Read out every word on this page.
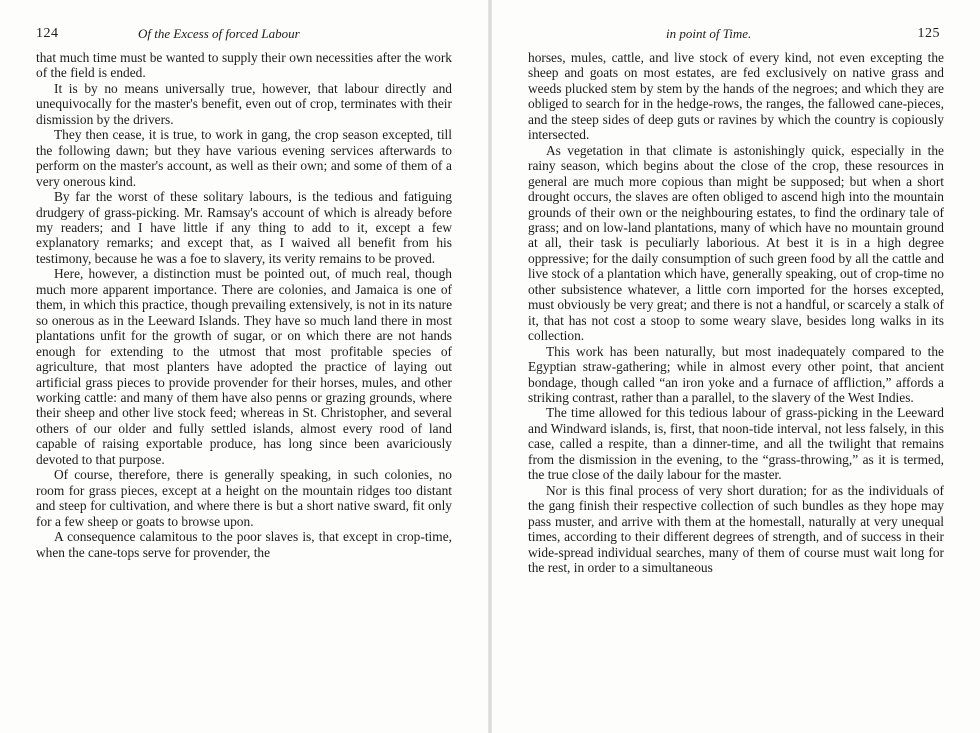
124	Of the Excess of forced Labour

that much time must be wanted to supply their own necessities after the work of the field is ended.

It is by no means universally true, however, that labour directly and unequivocally for the master's benefit, even out of crop, terminates with their dismission by the drivers.

They then cease, it is true, to work in gang, the crop season excepted, till the following dawn; but they have various evening services afterwards to perform on the master's account, as well as their own; and some of them of a very onerous kind.

By far the worst of these solitary labours, is the tedious and fatiguing drudgery of grass-picking. Mr. Ramsay's account of which is already before my readers; and I have little if any thing to add to it, except a few explanatory remarks; and except that, as I waived all benefit from his testimony, because he was a foe to slavery, its verity remains to be proved.

Here, however, a distinction must be pointed out, of much real, though much more apparent importance. There are colonies, and Jamaica is one of them, in which this practice, though prevailing extensively, is not in its nature so onerous as in the Leeward Islands. They have so much land there in most plantations unfit for the growth of sugar, or on which there are not hands enough for extending to the utmost that most profitable species of agriculture, that most planters have adopted the practice of laying out artificial grass pieces to provide provender for their horses, mules, and other working cattle: and many of them have also penns or grazing grounds, where their sheep and other live stock feed; whereas in St. Christopher, and several others of our older and fully settled islands, almost every rood of land capable of raising exportable produce, has long since been avariciously devoted to that purpose.

Of course, therefore, there is generally speaking, in such colonies, no room for grass pieces, except at a height on the mountain ridges too distant and steep for cultivation, and where there is but a short native sward, fit only for a few sheep or goats to browse upon.

A consequence calamitous to the poor slaves is, that except in crop-time, when the cane-tops serve for provender, the

in point of Time.	125

horses, mules, cattle, and live stock of every kind, not even excepting the sheep and goats on most estates, are fed exclusively on native grass and weeds plucked stem by stem by the hands of the negroes; and which they are obliged to search for in the hedge-rows, the ranges, the fallowed cane-pieces, and the steep sides of deep guts or ravines by which the country is copiously intersected.

As vegetation in that climate is astonishingly quick, especially in the rainy season, which begins about the close of the crop, these resources in general are much more copious than might be supposed; but when a short drought occurs, the slaves are often obliged to ascend high into the mountain grounds of their own or the neighbouring estates, to find the ordinary tale of grass; and on low-land plantations, many of which have no mountain ground at all, their task is peculiarly laborious. At best it is in a high degree oppressive; for the daily consumption of such green food by all the cattle and live stock of a plantation which have, generally speaking, out of crop-time no other subsistence whatever, a little corn imported for the horses excepted, must obviously be very great; and there is not a handful, or scarcely a stalk of it, that has not cost a stoop to some weary slave, besides long walks in its collection.

This work has been naturally, but most inadequately compared to the Egyptian straw-gathering; while in almost every other point, that ancient bondage, though called “an iron yoke and a furnace of affliction,” affords a striking contrast, rather than a parallel, to the slavery of the West Indies.

The time allowed for this tedious labour of grass-picking in the Leeward and Windward islands, is, first, that noon-tide interval, not less falsely, in this case, called a respite, than a dinner-time, and all the twilight that remains from the dismission in the evening, to the “grass-throwing,” as it is termed, the true close of the daily labour for the master.

Nor is this final process of very short duration; for as the individuals of the gang finish their respective collection of such bundles as they hope may pass muster, and arrive with them at the homestall, naturally at very unequal times, according to their different degrees of strength, and of success in their wide-spread individual searches, many of them of course must wait long for the rest, in order to a simultaneous
